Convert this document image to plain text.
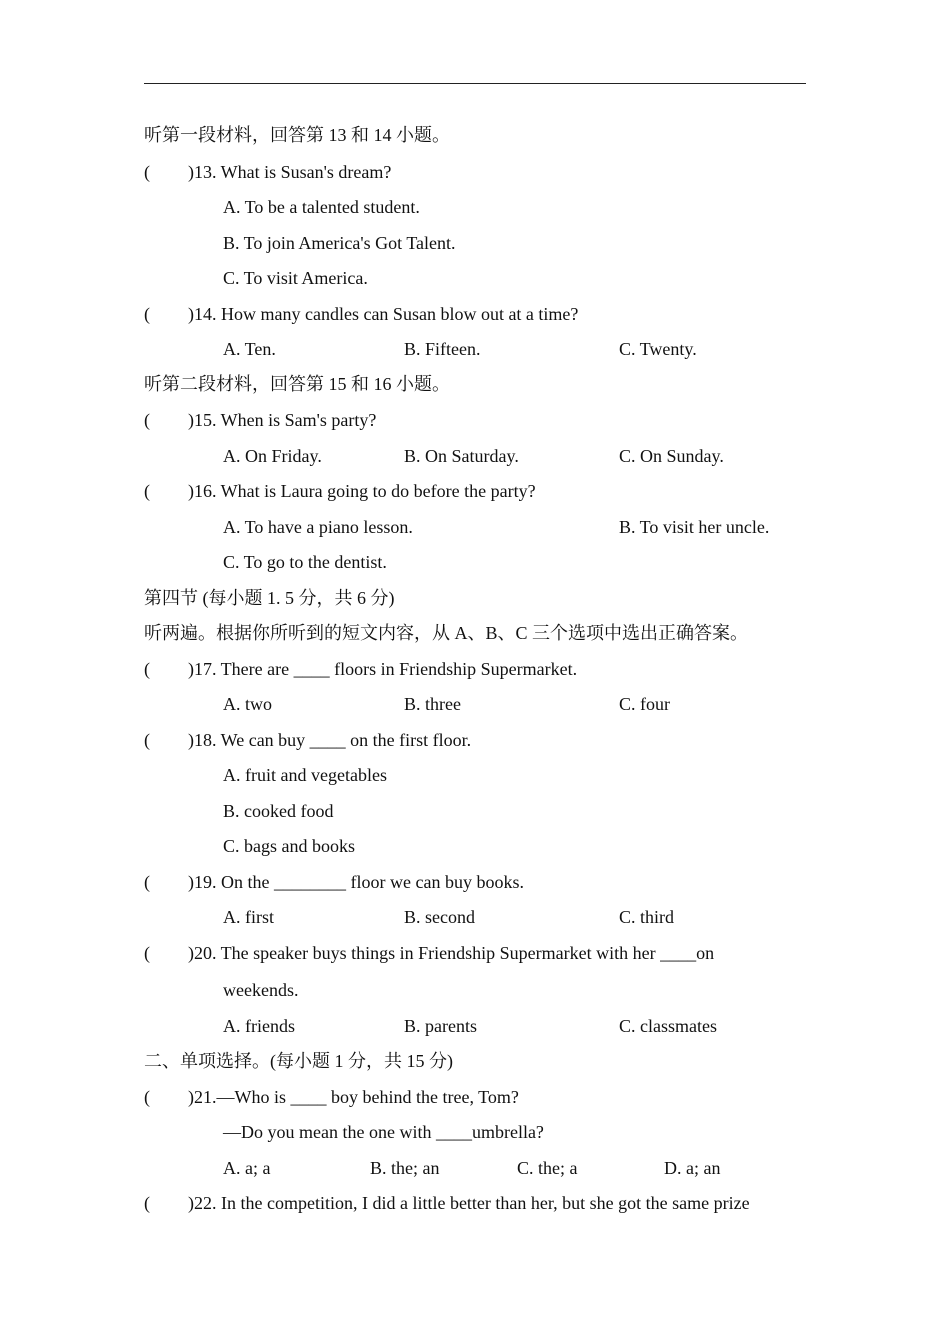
听第一段材料，回答第 13 和 14 小题。
( )13. What is Susan's dream?
A. To be a talented student.
B. To join America's Got Talent.
C. To visit America.
( )14. How many candles can Susan blow out at a time?
A. Ten.	B. Fifteen.	C. Twenty.
听第二段材料，回答第 15 和 16 小题。
( )15. When is Sam's party?
A. On Friday.	B. On Saturday.	C. On Sunday.
( )16. What is Laura going to do before the party?
A. To have a piano lesson.	B. To visit her uncle.
C. To go to the dentist.
第四节 (每小题 1. 5 分，共 6 分)
听两遍。根据你所听到的短文内容，从 A、B、C 三个选项中选出正确答案。
( )17. There are ____ floors in Friendship Supermarket.
A. two	B. three	C. four
( )18. We can buy ____ on the first floor.
A. fruit and vegetables
B. cooked food
C. bags and books
( )19. On the ________ floor we can buy books.
A. first	B. second	C. third
( )20. The speaker buys things in Friendship Supermarket with her ____on
weekends.
A. friends	B. parents	C. classmates
二、单项选择。(每小题 1 分，共 15 分)
( )21.—Who is ____ boy behind the tree, Tom?
—Do you mean the one with ____umbrella?
A. a; a	B. the; an	C. the; a	D. a; an
( )22. In the competition, I did a little better than her, but she got the same prize
